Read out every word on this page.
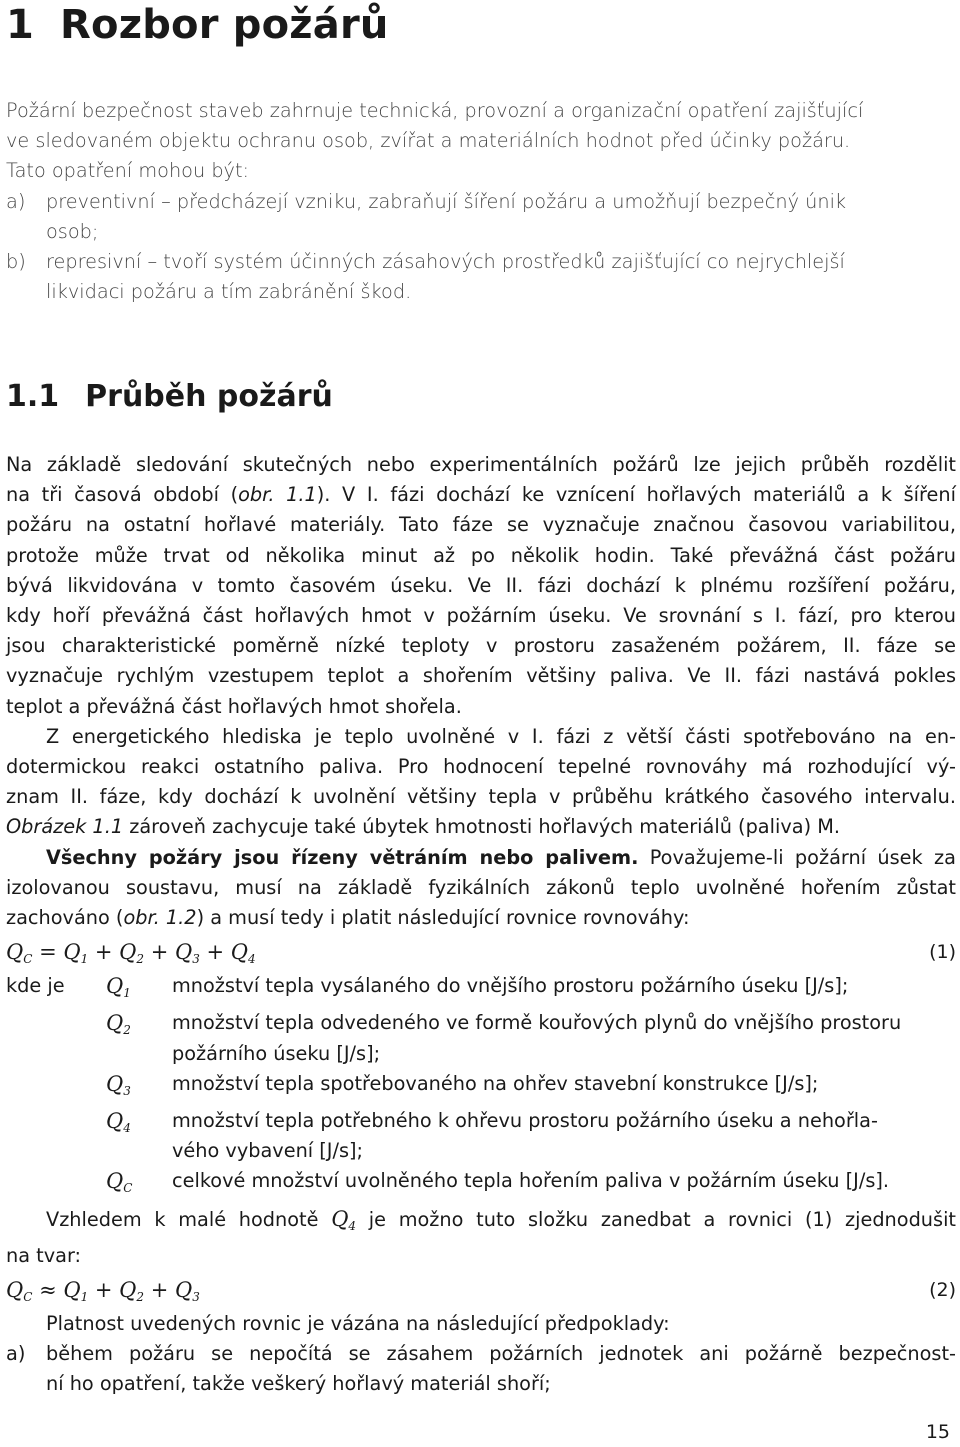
1 Rozbor požárů
Požární bezpečnost staveb zahrnuje technická, provozní a organizační opatření zajišťující
ve sledovaném objektu ochranu osob, zvířat a materiálních hodnot před účinky požáru.
Tato opatření mohou být:
a)	preventivní – předcházejí vzniku, zabraňují šíření požáru a umožňují bezpečný únik
osob;
b)	represivní – tvoří systém účinných zásahových prostředků zajišťující co nejrychlejší
likvidaci požáru a tím zabránění škod.
1.1 Průběh požárů
Na základě sledování skutečných nebo experimentálních požárů lze jejich průběh rozdělit
na tři časová období (obr. 1.1). V I. fázi dochází ke vznícení hořlavých materiálů a k šíření
požáru na ostatní hořlavé materiály. Tato fáze se vyznačuje značnou časovou variabilitou,
protože může trvat od několika minut až po několik hodin. Také převážná část požáru
bývá likvidována v tomto časovém úseku. Ve II. fázi dochází k plnému rozšíření požáru,
kdy hoří převážná část hořlavých hmot v požárním úseku. Ve srovnání s I. fází, pro kterou
jsou charakteristické poměrně nízké teploty v prostoru zasaženém požárem, II. fáze se
vyznačuje rychlým vzestupem teplot a shořením většiny paliva. Ve II. fázi nastává pokles
teplot a převážná část hořlavých hmot shořela.
Z energetického hlediska je teplo uvolněné v I. fázi z větší části spotřebováno na en-
dotermickou reakci ostatního paliva. Pro hodnocení tepelné rovnováhy má rozhodující vý-
znam II. fáze, kdy dochází k uvolnění většiny tepla v průběhu krátkého časového intervalu.
Obrázek 1.1 zároveň zachycuje také úbytek hmotnosti hořlavých materiálů (paliva) M.
Všechny požáry jsou řízeny větráním nebo palivem. Považujeme-li požární úsek za
izolovanou soustavu, musí na základě fyzikálních zákonů teplo uvolněné hořením zůstat
zachováno (obr. 1.2) a musí tedy i platit následující rovnice rovnováhy:
$Q_C = Q_1 + Q_2 + Q_3 + Q_4$	(1)
kde je	$Q_1$	množství tepla vysálaného do vnějšího prostoru požárního úseku [J/s];
$Q_2$	množství tepla odvedeného ve formě kouřových plynů do vnějšího prostoru
požárního úseku [J/s];
$Q_3$	množství tepla spotřebovaného na ohřev stavební konstrukce [J/s];
$Q_4$	množství tepla potřebného k ohřevu prostoru požárního úseku a nehořla-
vého vybavení [J/s];
$Q_C$	celkové množství uvolněného tepla hořením paliva v požárním úseku [J/s].
Vzhledem k malé hodnotě $Q_4$ je možno tuto složku zanedbat a rovnici (1) zjednodušit
na tvar:
$Q_C \approx Q_1 + Q_2 + Q_3$	(2)
Platnost uvedených rovnic je vázána na následující předpoklady:
a)	během požáru se nepočítá se zásahem požárních jednotek ani požárně bezpečnost-
ní ho opatření, takže veškerý hořlavý materiál shoří;
15
